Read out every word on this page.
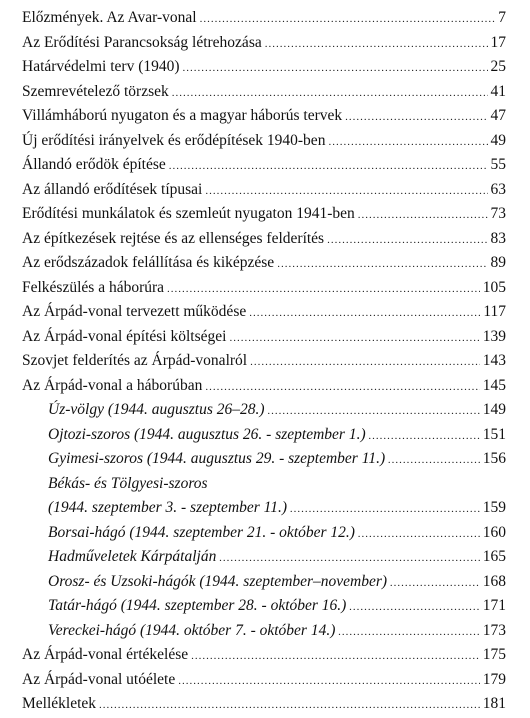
Előzmények. Az Avar-vonal .....	7
Az Erődítési Parancsokság létrehozása .....	17
Határvédelmi terv (1940) .....	25
Szemrevételező törzsek .....	41
Villámháború nyugaton és a magyar háborús tervek .....	47
Új erődítési irányelvek és erődépítések 1940-ben .....	49
Állandó erődök építése .....	55
Az állandó erődítések típusai .....	63
Erődítési munkálatok és szemleút nyugaton 1941-ben .....	73
Az építkezések rejtése és az ellenséges felderítés .....	83
Az erődszázadok felállítása és kiképzése .....	89
Felkészülés a háborúra .....	105
Az Árpád-vonal tervezett működése .....	117
Az Árpád-vonal építési költségei .....	139
Szovjet felderítés az Árpád-vonalról .....	143
Az Árpád-vonal a háborúban .....	145
Úz-völgy (1944. augusztus 26–28.) .....	149
Ojtozi-szoros (1944. augusztus 26. - szeptember 1.) .....	151
Gyimesi-szoros (1944. augusztus 29. - szeptember 11.) .....	156
Békás- és Tölgyesi-szoros
(1944. szeptember 3. - szeptember 11.) .....	159
Borsai-hágó (1944. szeptember 21. - október 12.) .....	160
Hadműveletek Kárpátalján .....	165
Orosz- és Uzsoki-hágók (1944. szeptember–november) .....	168
Tatár-hágó (1944. szeptember 28. - október 16.) .....	171
Vereckei-hágó (1944. október 7. - október 14.) .....	173
Az Árpád-vonal értékelése .....	175
Az Árpád-vonal utóélete .....	179
Mellékletek .....	181
